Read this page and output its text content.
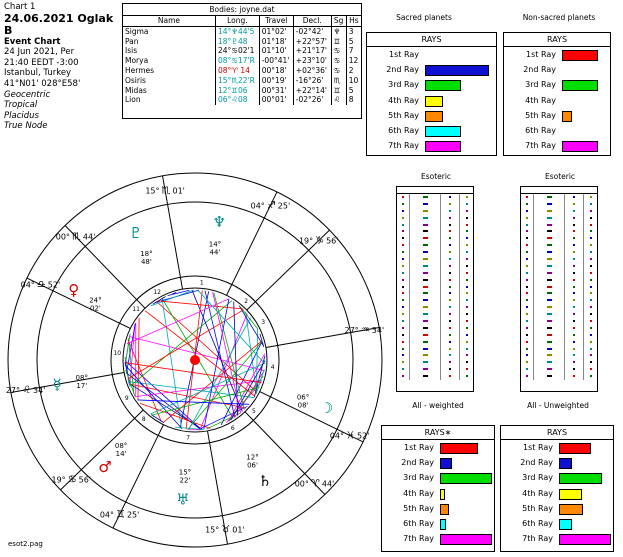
Chart 1
24.06.2021 Oglak B
Event Chart
24 Jun 2021, Per
21:40 EEDT -3:00
Istanbul, Turkey
41°N01' 028°E58'
Geocentric
Tropical
Placidus
True Node
Bodies: joyne.dat
Name	Long.	Travel	Decl.	Sg	Hs
Sigma	14°♆44'5	01°02'	-02°42'	♆	3
Pan	18°♇48	01°18'	+22°57'	♊	5
Isis	24°♋02'1	01°10'	+21°17'	♋	7
Morya	08°♋17'R	-00°41'	+23°10'	♋	12
Hermes	08°♈ 14	00°18'	+02°36'	♋	2
Osiris	15°♏22'R	00°19'	-16°26'	♏	10
Midas	12°♊06	00°31'	+22°14'	♊	5
Lion	06°♌08	00°01'	-02°26'	♌	8
Sacred planets
RAYS
1st Ray
2nd Ray
3rd Ray
4th Ray
5th Ray
6th Ray
7th Ray
Non-sacred planets
RAYS
1st Ray
2nd Ray
3rd Ray
4th Ray
5th Ray
6th Ray
7th Ray
Esoteric
All - weighted
Esoteric
All - Unweighted
RAYS∗
1st Ray
2nd Ray
3rd Ray
4th Ray
5th Ray
6th Ray
7th Ray
RAYS
1st Ray
2nd Ray
3rd Ray
4th Ray
5th Ray
6th Ray
7th Ray
1
2
3
4
5
6
7
8
9
10
11
12
15° ♏ 01'
04° ♐ 25'
19° ♑ 56'
27° ♒ 34'
04° ♓ 52'
00° ♈ 44'
15° ♉ 01'
04° ♊ 25'
19° ♋ 56'
27° ♌ 34'
04° ♎ 52'
00° ♏ 44'
♆
14°
44'
♇
18°
48'
♀
24°
02'
☿ 08°
17'
♂
08°
14'
♅
15°
22'	♄
12°
06'
☽
06°
08'
esot2.pag
